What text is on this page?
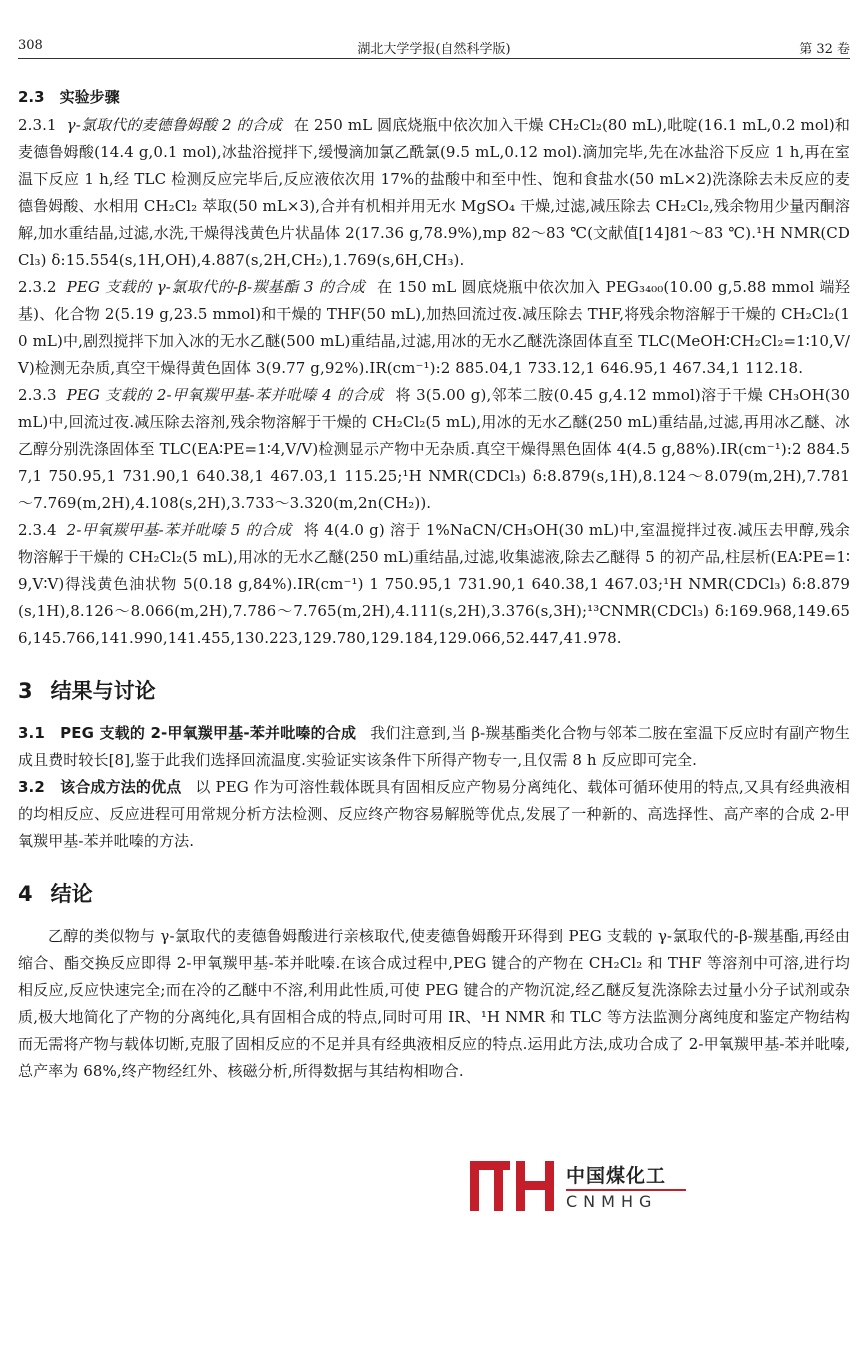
308	湖北大学学报(自然科学版)	第 32 卷
2.3　实验步骤

2.3.1 γ-氯取代的麦德鲁姆酸 2 的合成 在 250 mL 圆底烧瓶中依次加入干燥 CH₂Cl₂(80 mL),吡啶(16.1 mL,0.2 mol)和麦德鲁姆酸(14.4 g,0.1 mol),冰盐浴搅拌下,缓慢滴加氯乙酰氯(9.5 mL,0.12 mol).滴加完毕,先在冰盐浴下反应 1 h,再在室温下反应 1 h,经 TLC 检测反应完毕后,反应液依次用 17%的盐酸中和至中性、饱和食盐水(50 mL×2)洗涤除去未反应的麦德鲁姆酸、水相用 CH₂Cl₂ 萃取(50 mL×3),合并有机相并用无水 MgSO₄ 干燥,过滤,减压除去 CH₂Cl₂,残余物用少量丙酮溶解,加水重结晶,过滤,水洗,干燥得浅黄色片状晶体 2(17.36 g,78.9%),mp 82～83 ℃(文献值[14]81～83 ℃).¹H NMR(CDCl₃) δ:15.554(s,1H,OH),4.887(s,2H,CH₂),1.769(s,6H,CH₃).

2.3.2 PEG 支载的 γ-氯取代的-β-羰基酯 3 的合成 在 150 mL 圆底烧瓶中依次加入 PEG₃₄₀₀(10.00 g,5.88 mmol 端羟基)、化合物 2(5.19 g,23.5 mmol)和干燥的 THF(50 mL),加热回流过夜.减压除去 THF,将残余物溶解于干燥的 CH₂Cl₂(10 mL)中,剧烈搅拌下加入冰的无水乙醚(500 mL)重结晶,过滤,用冰的无水乙醚洗涤固体直至 TLC(MeOH∶CH₂Cl₂=1∶10,V/V)检测无杂质,真空干燥得黄色固体 3(9.77 g,92%).IR(cm⁻¹):2 885.04,1 733.12,1 646.95,1 467.34,1 112.18.

2.3.3 PEG 支载的 2-甲氧羰甲基-苯并吡嗪 4 的合成 将 3(5.00 g),邻苯二胺(0.45 g,4.12 mmol)溶于干燥 CH₃OH(30 mL)中,回流过夜.减压除去溶剂,残余物溶解于干燥的 CH₂Cl₂(5 mL),用冰的无水乙醚(250 mL)重结晶,过滤,再用冰乙醚、冰乙醇分别洗涤固体至 TLC(EA∶PE=1∶4,V/V)检测显示产物中无杂质.真空干燥得黑色固体 4(4.5 g,88%).IR(cm⁻¹):2 884.57,1 750.95,1 731.90,1 640.38,1 467.03,1 115.25;¹H NMR(CDCl₃) δ:8.879(s,1H),8.124～8.079(m,2H),7.781～7.769(m,2H),4.108(s,2H),3.733～3.320(m,2n(CH₂)).

2.3.4 2-甲氧羰甲基-苯并吡嗪 5 的合成 将 4(4.0 g) 溶于 1%NaCN/CH₃OH(30 mL)中,室温搅拌过夜.减压去甲醇,残余物溶解于干燥的 CH₂Cl₂(5 mL),用冰的无水乙醚(250 mL)重结晶,过滤,收集滤液,除去乙醚得 5 的初产品,柱层析(EA∶PE=1∶9,V∶V)得浅黄色油状物 5(0.18 g,84%).IR(cm⁻¹) 1 750.95,1 731.90,1 640.38,1 467.03;¹H NMR(CDCl₃) δ:8.879(s,1H),8.126～8.066(m,2H),7.786～7.765(m,2H),4.111(s,2H),3.376(s,3H);¹³CNMR(CDCl₃) δ:169.968,149.656,145.766,141.990,141.455,130.223,129.780,129.184,129.066,52.447,41.978.

3 结果与讨论

3.1　 PEG 支载的 2-甲氧羰甲基-苯并吡嗪的合成 我们注意到,当 β-羰基酯类化合物与邻苯二胺在室温下反应时有副产物生成且费时较长[8],鉴于此我们选择回流温度.实验证实该条件下所得产物专一,且仅需 8 h 反应即可完全.

3.2　 该合成方法的优点 以 PEG 作为可溶性载体既具有固相反应产物易分离纯化、载体可循环使用的特点,又具有经典液相的均相反应、反应进程可用常规分析方法检测、反应终产物容易解脱等优点,发展了一种新的、高选择性、高产率的合成 2-甲氧羰甲基-苯并吡嗪的方法.

4 结论

乙醇的类似物与 γ-氯取代的麦德鲁姆酸进行亲核取代,使麦德鲁姆酸开环得到 PEG 支载的 γ-氯取代的-β-羰基酯,再经由缩合、酯交换反应即得 2-甲氧羰甲基-苯并吡嗪.在该合成过程中,PEG 键合的产物在 CH₂Cl₂ 和 THF 等溶剂中可溶,进行均相反应,反应快速完全;而在冷的乙醚中不溶,利用此性质,可使 PEG 键合的产物沉淀,经乙醚反复洗涤除去过量小分子试剂或杂质,极大地简化了产物的分离纯化,具有固相合成的特点,同时可用 IR、¹H NMR 和 TLC 等方法监测分离纯度和鉴定产物结构而无需将产物与载体切断,克服了固相反应的不足并具有经典液相反应的特点.运用此方法,成功合成了 2-甲氧羰甲基-苯并吡嗪,总产率为 68%,终产物经红外、核磁分析,所得数据与其结构相吻合.

中国煤化工
CNMHG
